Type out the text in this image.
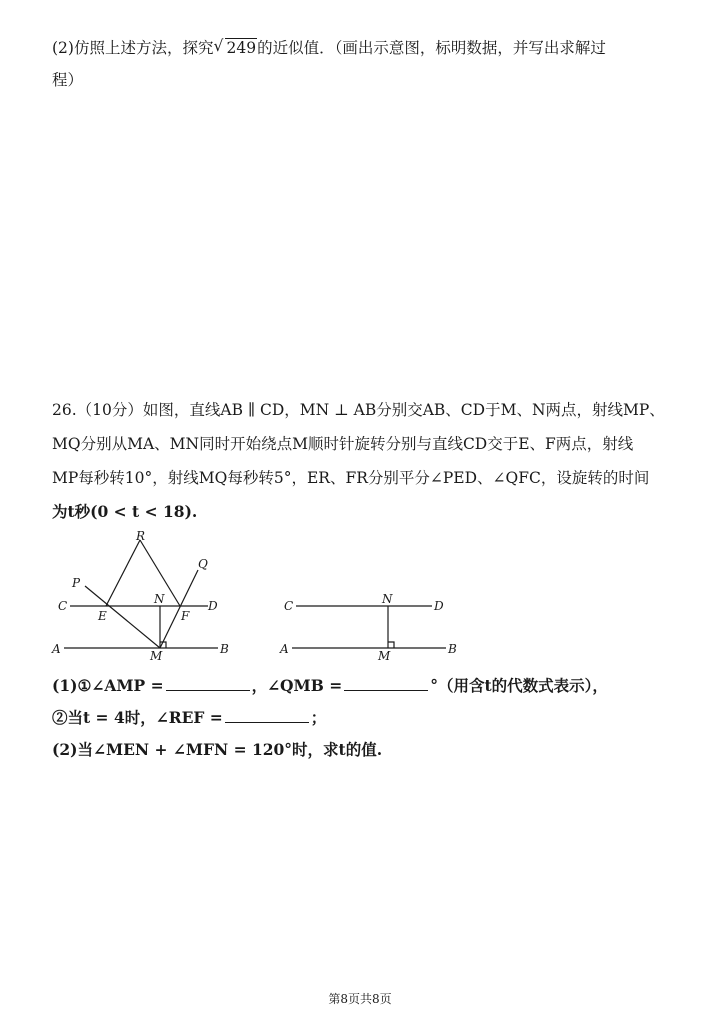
(2)仿照上述方法，探究 √ 249的近似值．（画出示意图，标明数据，并写出求解过
程）
26.（10分）如图，直线AB ∥ CD，MN ⊥ AB分别交AB、CD于M、N两点，射线MP、
MQ分别从MA、MN同时开始绕点M顺时针旋转分别与直线CD交于E、F两点，射线
MP每秒转10°，射线MQ每秒转5°，ER、FR分别平分∠PED、∠QFC，设旋转的时间
为t秒(0 < t < 18).
R
Q
P
C	N	D
E	F
A	M	B
C	N	D
A	M	B
(1)①∠AMP =	，∠QMB =	°（用含t的代数式表示），
②当t = 4时，∠REF =	；
(2)当∠MEN + ∠MFN = 120°时，求t的值.
第8页共8页
